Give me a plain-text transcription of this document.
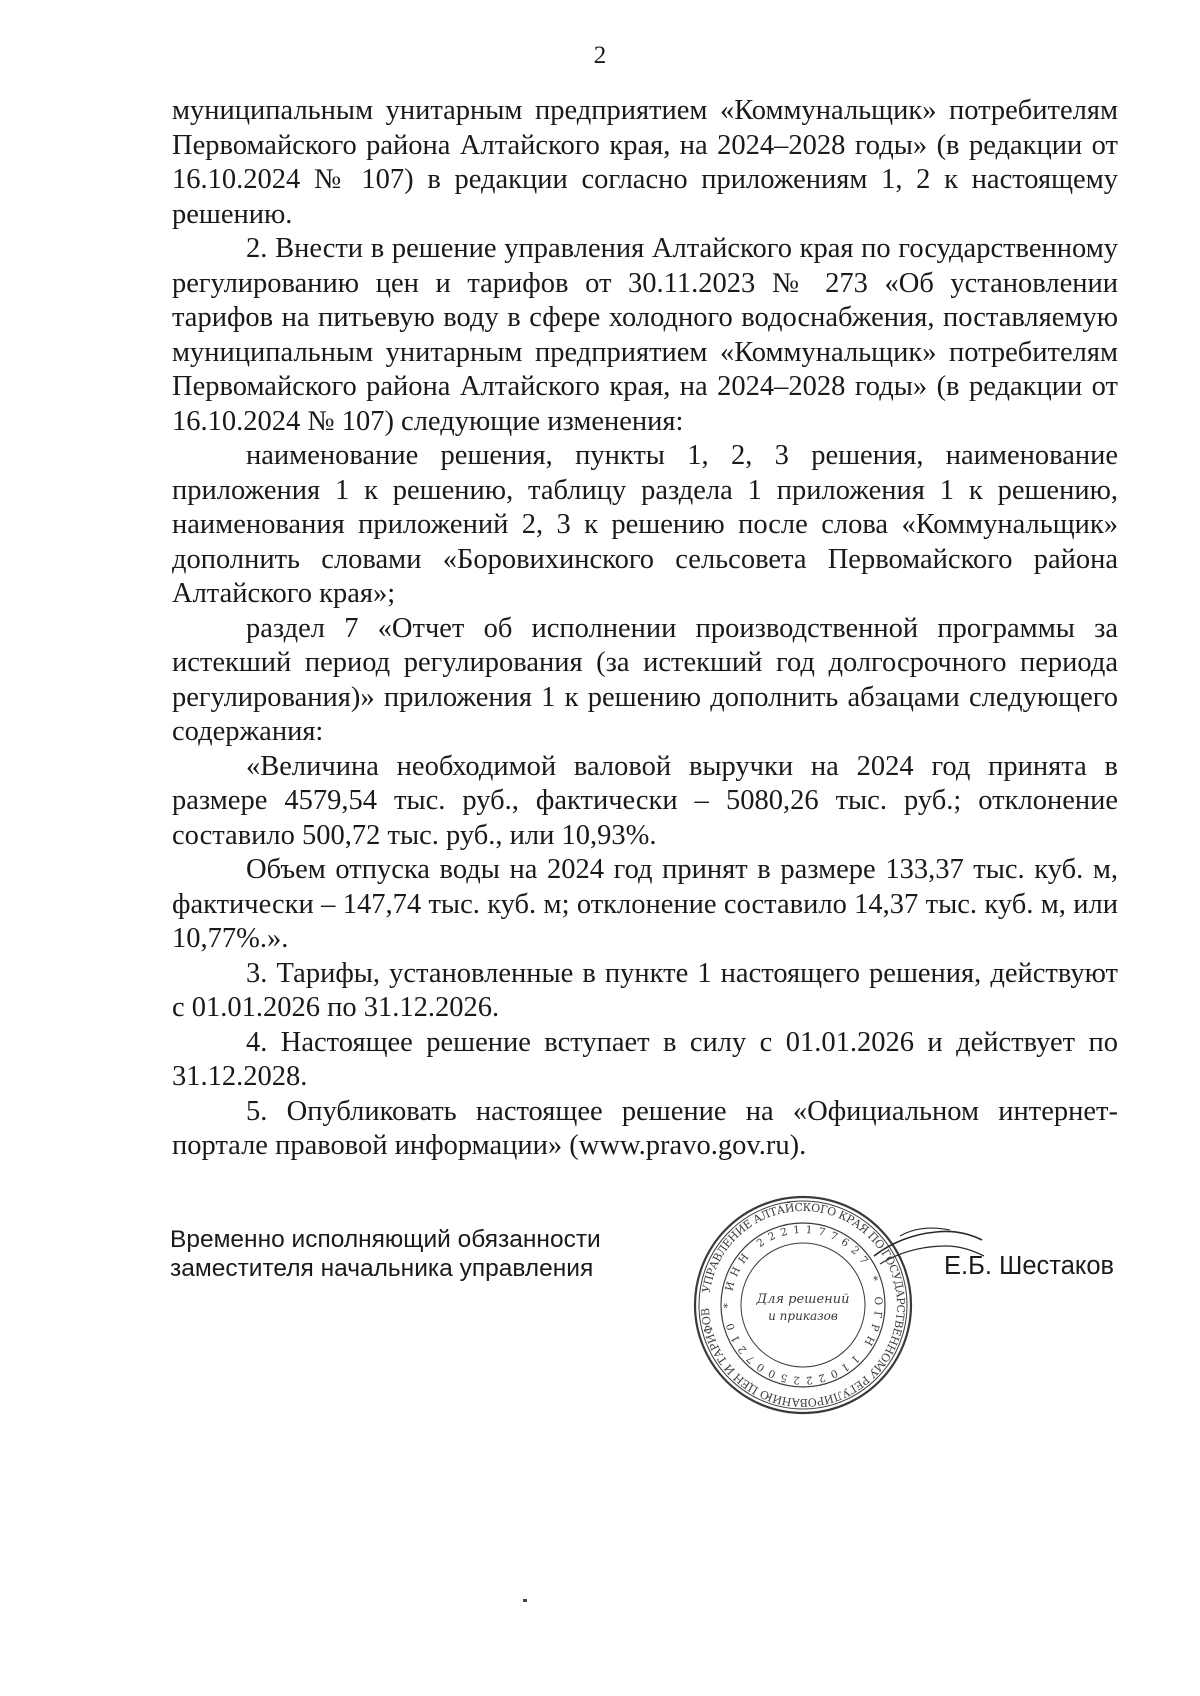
2

муниципальным унитарным предприятием «Коммунальщик» потребителям Первомайского района Алтайского края, на 2024–2028 годы» (в редакции от 16.10.2024 № 107) в редакции согласно приложениям 1, 2 к настоящему решению.

2. Внести в решение управления Алтайского края по государственному регулированию цен и тарифов от 30.11.2023 № 273 «Об установлении тарифов на питьевую воду в сфере холодного водоснабжения, поставляемую муниципальным унитарным предприятием «Коммунальщик» потребителям Первомайского района Алтайского края, на 2024–2028 годы» (в редакции от 16.10.2024 № 107) следующие изменения:

наименование решения, пункты 1, 2, 3 решения, наименование приложения 1 к решению, таблицу раздела 1 приложения 1 к решению, наименования приложений 2, 3 к решению после слова «Коммунальщик» дополнить словами «Боровихинского сельсовета Первомайского района Алтайского края»;

раздел 7 «Отчет об исполнении производственной программы за истекший период регулирования (за истекший год долгосрочного периода регулирования)» приложения 1 к решению дополнить абзацами следующего содержания:

«Величина необходимой валовой выручки на 2024 год принята в размере 4579,54 тыс. руб., фактически – 5080,26 тыс. руб.; отклонение составило 500,72 тыс. руб., или 10,93%.

Объем отпуска воды на 2024 год принят в размере 133,37 тыс. куб. м, фактически – 147,74 тыс. куб. м; отклонение составило 14,37 тыс. куб. м, или 10,77%.».

3. Тарифы, установленные в пункте 1 настоящего решения, действуют с 01.01.2026 по 31.12.2026.

4. Настоящее решение вступает в силу с 01.01.2026 и действует по 31.12.2028.

5. Опубликовать настоящее решение на «Официальном интернет-портале правовой информации» (www.pravo.gov.ru).

Временно исполняющий обязанности
заместителя начальника управления
УПРАВЛЕНИЕ АЛТАЙСКОГО КРАЯ ПО ГОСУДАРСТВЕННОМУ РЕГУЛИРОВАНИЮ ЦЕН И ТАРИФОВ
ИНН 2221177627 * ОГРН 1102225007210 *	Для решений
и приказов
Е.Б. Шестаков
